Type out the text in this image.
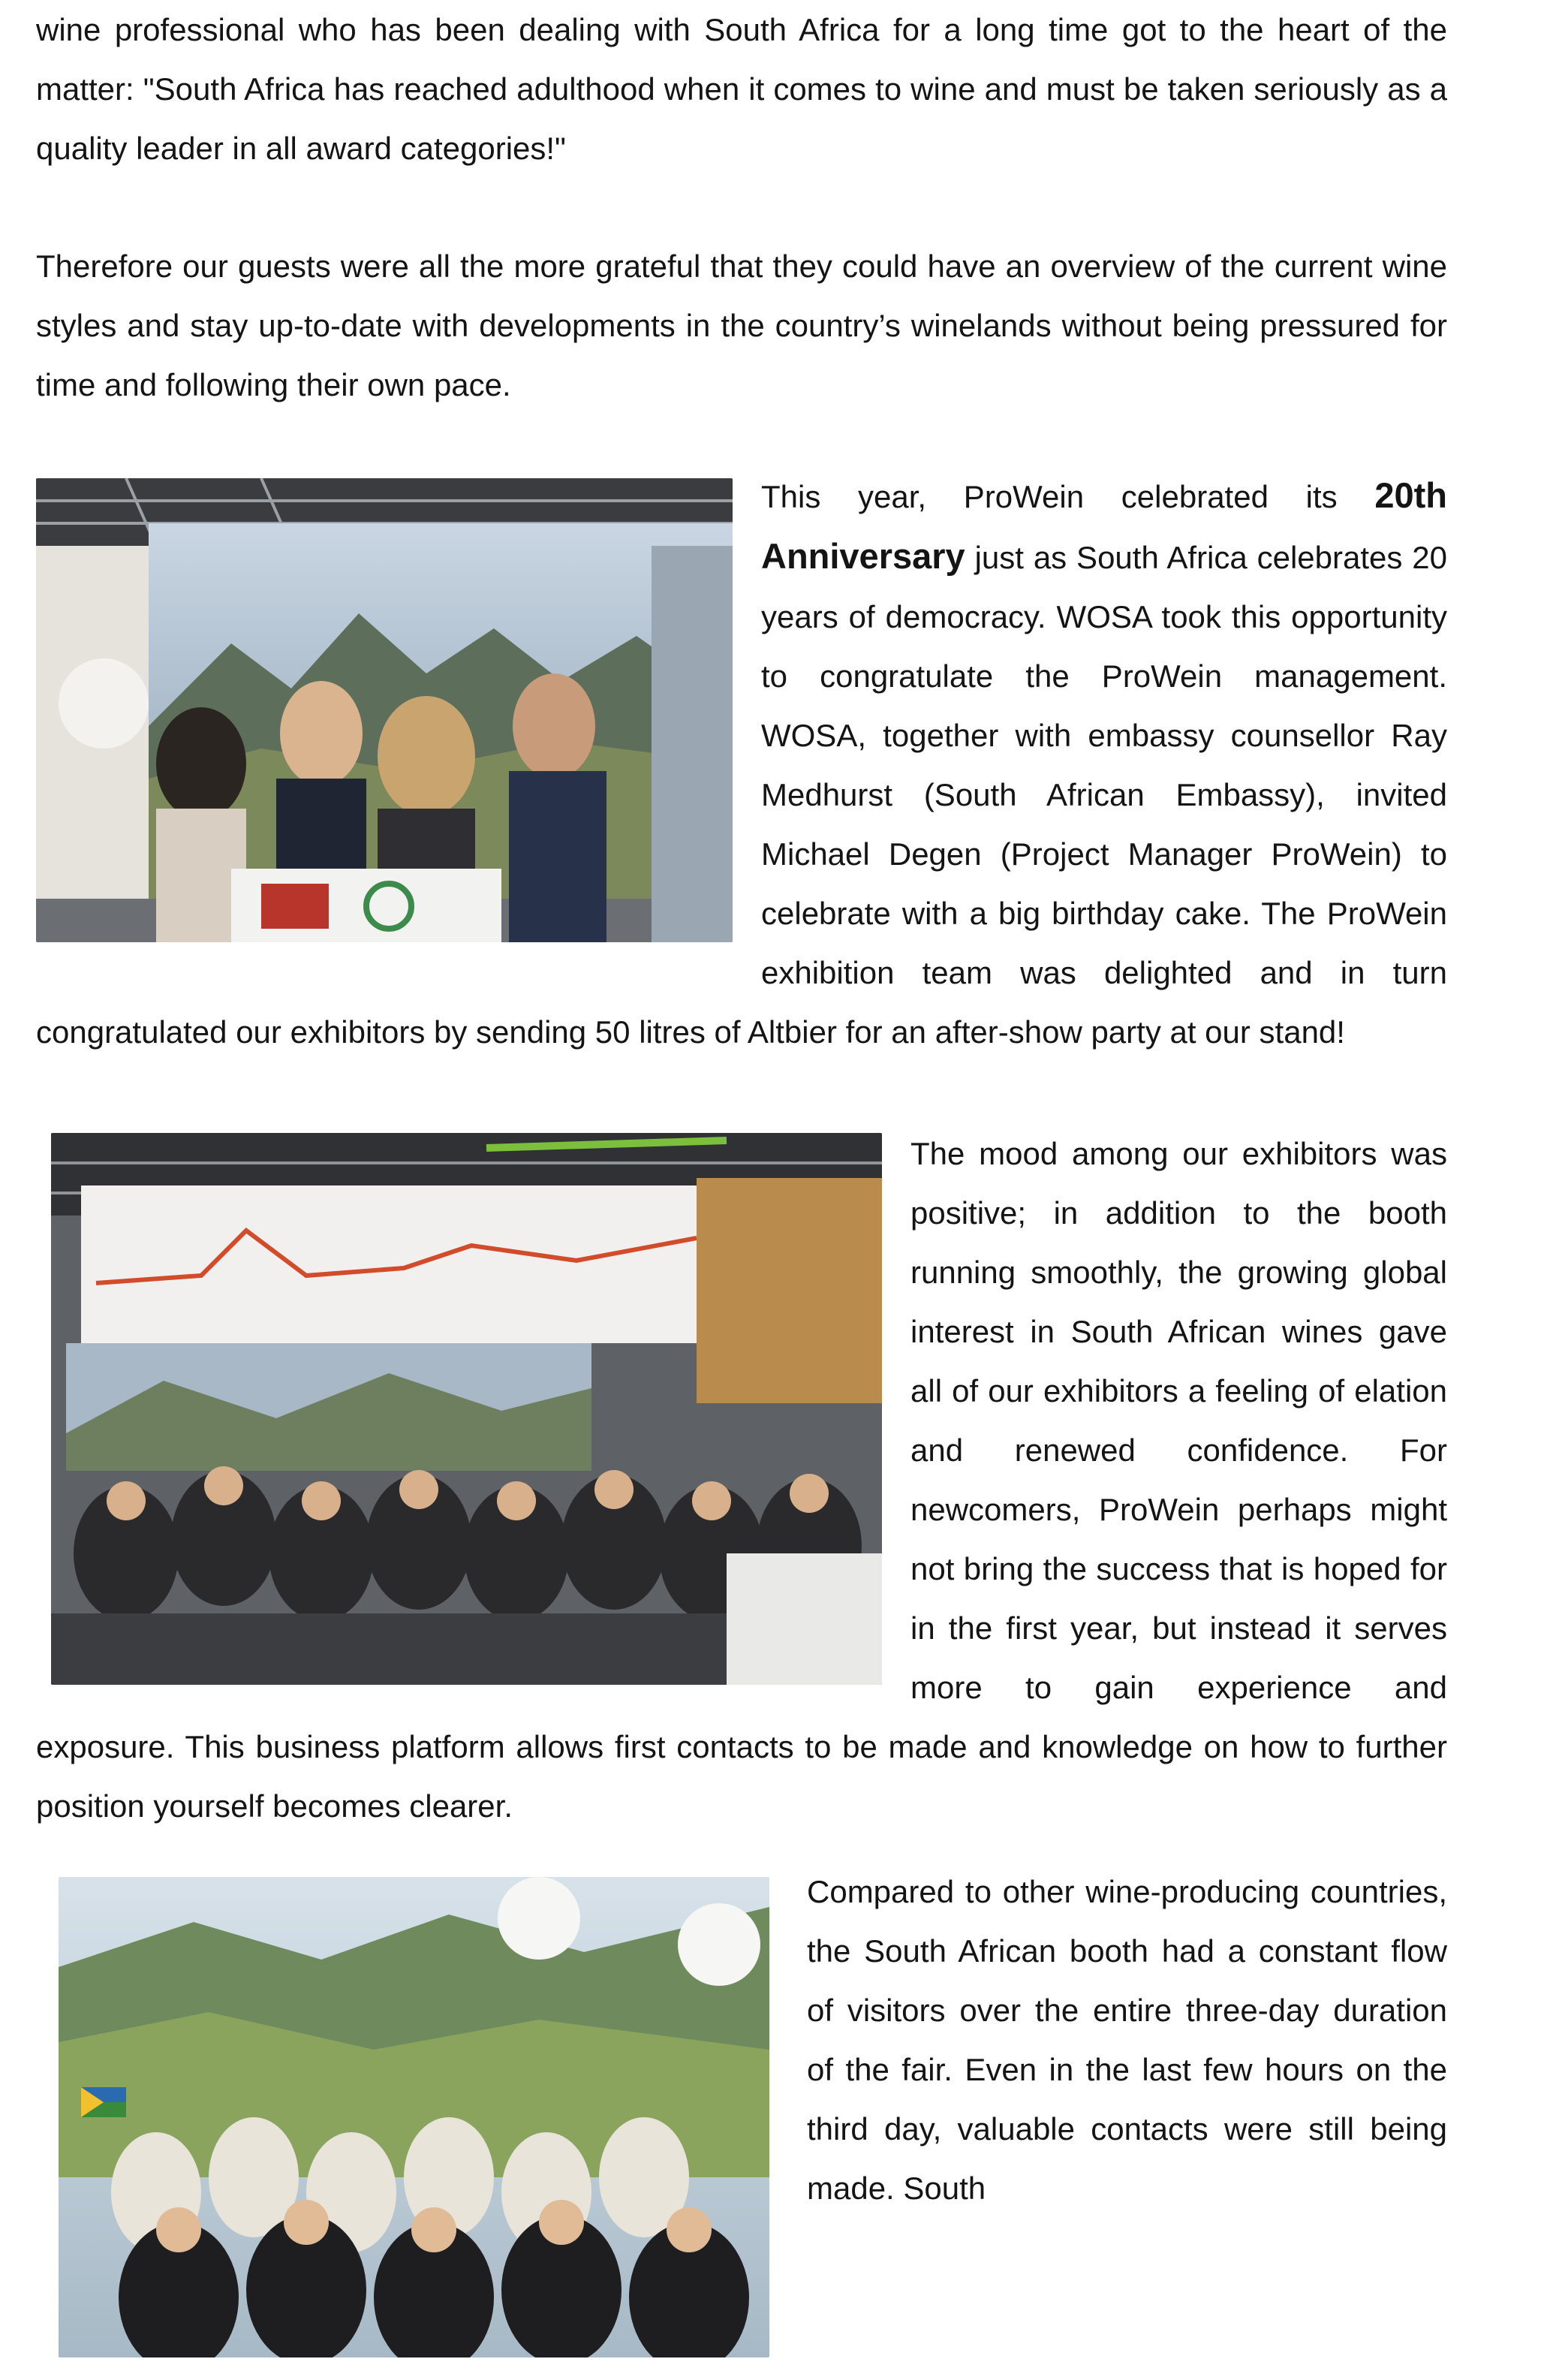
wine professional who has been dealing with South Africa for a long time got to the heart of the matter: "South Africa has reached adulthood when it comes to wine and must be taken seriously as a quality leader in all award categories!"

Therefore our guests were all the more grateful that they could have an overview of the current wine styles and stay up-to-date with developments in the country’s winelands without being pressured for time and following their own pace.

This year, ProWein celebrated its 20th Anniversary just as South Africa celebrates 20 years of democracy. WOSA took this opportunity to congratulate the ProWein management. WOSA, together with embassy counsellor Ray Medhurst (South African Embassy), invited Michael Degen (Project Manager ProWein) to celebrate with a big birthday cake. The ProWein exhibition team was delighted and in turn congratulated our exhibitors by sending 50 litres of Altbier for an after-show party at our stand!

The mood among our exhibitors was positive; in addition to the booth running smoothly, the growing global interest in South African wines gave all of our exhibitors a feeling of elation and renewed confidence. For newcomers, ProWein perhaps might not bring the success that is hoped for in the first year, but instead it serves more to gain experience and exposure. This business platform allows first contacts to be made and knowledge on how to further position yourself becomes clearer.

Compared to other wine-producing countries, the South African booth had a constant flow of visitors over the entire three-day duration of the fair. Even in the last few hours on the third day, valuable contacts were still being made. South
